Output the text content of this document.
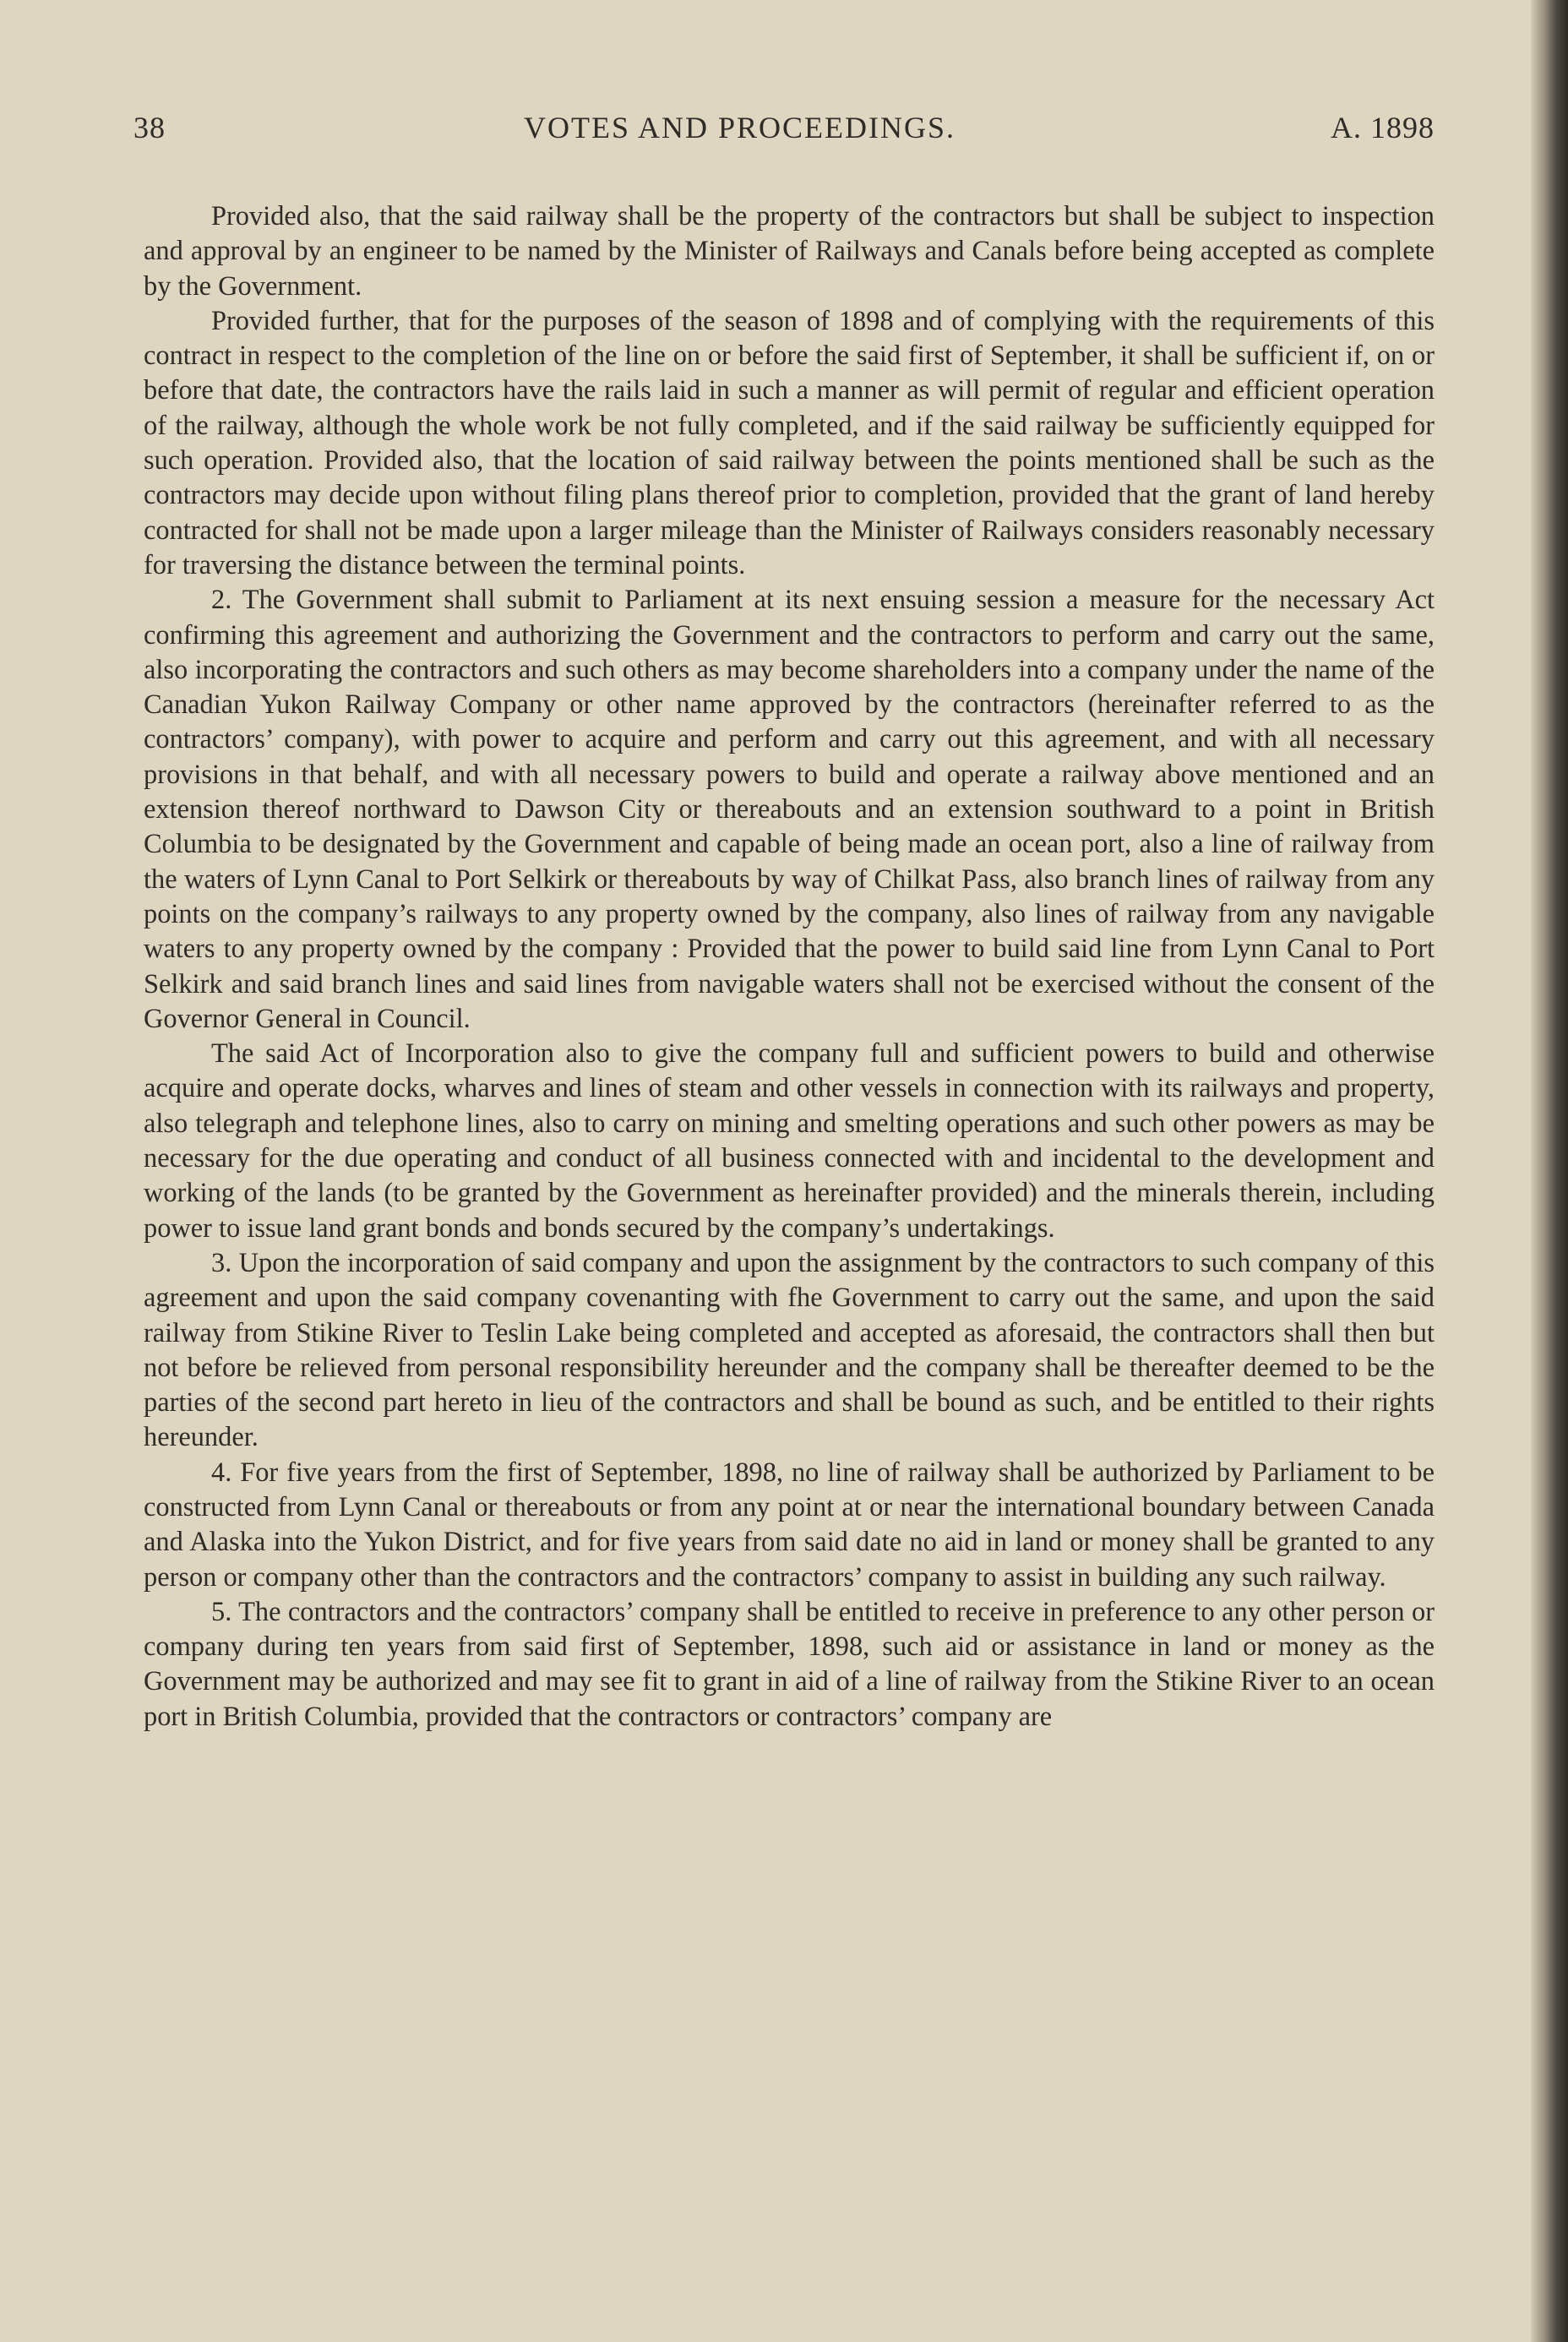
38	VOTES AND PROCEEDINGS.	A. 1898

Provided also, that the said railway shall be the property of the contractors but shall be subject to inspection and approval by an engineer to be named by the Minister of Railways and Canals before being accepted as complete by the Government.

Provided further, that for the purposes of the season of 1898 and of complying with the requirements of this contract in respect to the completion of the line on or before the said first of September, it shall be sufficient if, on or before that date, the contractors have the rails laid in such a manner as will permit of regular and efficient operation of the railway, although the whole work be not fully completed, and if the said railway be sufficiently equipped for such operation. Provided also, that the location of said railway between the points mentioned shall be such as the contractors may decide upon without filing plans thereof prior to completion, provided that the grant of land hereby contracted for shall not be made upon a larger mileage than the Minister of Railways considers reasonably necessary for traversing the distance between the terminal points.

2. The Government shall submit to Parliament at its next ensuing session a measure for the necessary Act confirming this agreement and authorizing the Government and the contractors to perform and carry out the same, also incorporating the contractors and such others as may become shareholders into a company under the name of the Canadian Yukon Railway Company or other name approved by the contractors (hereinafter referred to as the contractors’ company), with power to acquire and perform and carry out this agreement, and with all necessary provisions in that behalf, and with all necessary powers to build and operate a railway above mentioned and an extension thereof northward to Dawson City or thereabouts and an extension southward to a point in British Columbia to be designated by the Government and capable of being made an ocean port, also a line of railway from the waters of Lynn Canal to Port Selkirk or thereabouts by way of Chilkat Pass, also branch lines of railway from any points on the company’s railways to any property owned by the company, also lines of railway from any navigable waters to any property owned by the company : Provided that the power to build said line from Lynn Canal to Port Selkirk and said branch lines and said lines from navigable waters shall not be exercised without the consent of the Governor General in Council.

The said Act of Incorporation also to give the company full and sufficient powers to build and otherwise acquire and operate docks, wharves and lines of steam and other vessels in connection with its railways and property, also telegraph and telephone lines, also to carry on mining and smelting operations and such other powers as may be necessary for the due operating and conduct of all business connected with and incidental to the development and working of the lands (to be granted by the Government as hereinafter provided) and the minerals therein, including power to issue land grant bonds and bonds secured by the company’s undertakings.

3. Upon the incorporation of said company and upon the assignment by the contractors to such company of this agreement and upon the said company covenanting with fhe Government to carry out the same, and upon the said railway from Stikine River to Teslin Lake being completed and accepted as aforesaid, the contractors shall then but not before be relieved from personal responsibility hereunder and the company shall be thereafter deemed to be the parties of the second part hereto in lieu of the contractors and shall be bound as such, and be entitled to their rights hereunder.

4. For five years from the first of September, 1898, no line of railway shall be authorized by Parliament to be constructed from Lynn Canal or thereabouts or from any point at or near the international boundary between Canada and Alaska into the Yukon District, and for five years from said date no aid in land or money shall be granted to any person or company other than the contractors and the contractors’ company to assist in building any such railway.

5. The contractors and the contractors’ company shall be entitled to receive in preference to any other person or company during ten years from said first of September, 1898, such aid or assistance in land or money as the Government may be authorized and may see fit to grant in aid of a line of railway from the Stikine River to an ocean port in British Columbia, provided that the contractors or contractors’ company are
